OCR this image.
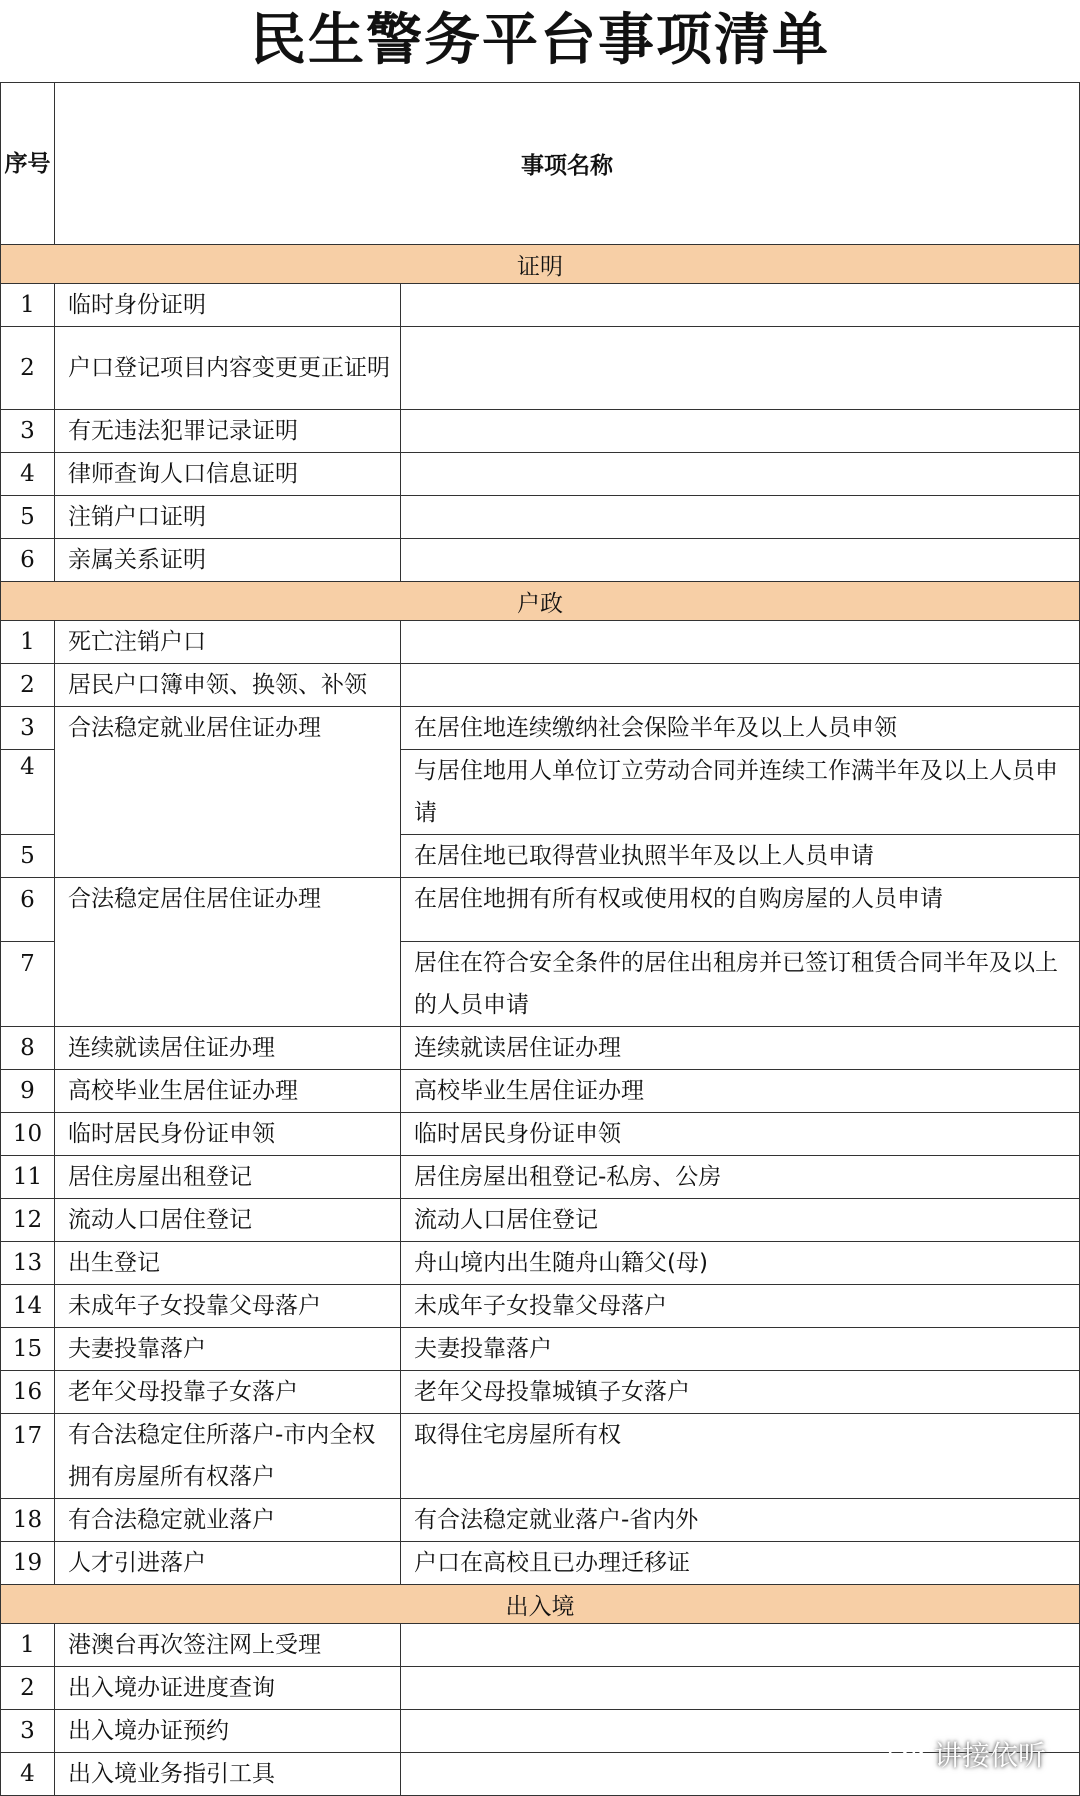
民生警务平台事项清单
序号	事项名称	
证明		
1	临时身份证明	
2	户口登记项目内容变更更正证明	
3	有无违法犯罪记录证明	
4	律师查询人口信息证明	
5	注销户口证明	
6	亲属关系证明	
户政		
1	死亡注销户口	
2	居民户口簿申领、换领、补领	
3	合法稳定就业居住证办理	在居住地连续缴纳社会保险半年及以上人员申领
4		与居住地用人单位订立劳动合同并连续工作满半年及以上人员申请
5		在居住地已取得营业执照半年及以上人员申请
6	合法稳定居住居住证办理	在居住地拥有所有权或使用权的自购房屋的人员申请
7		居住在符合安全条件的居住出租房并已签订租赁合同半年及以上的人员申请
8	连续就读居住证办理	连续就读居住证办理
9	高校毕业生居住证办理	高校毕业生居住证办理
10	临时居民身份证申领	临时居民身份证申领
11	居住房屋出租登记	居住房屋出租登记-私房、公房
12	流动人口居住登记	流动人口居住登记
13	出生登记	舟山境内出生随舟山籍父(母)
14	未成年子女投靠父母落户	未成年子女投靠父母落户
15	夫妻投靠落户	夫妻投靠落户
16	老年父母投靠子女落户	老年父母投靠城镇子女落户
17	有合法稳定住所落户-市内全权拥有房屋所有权落户	取得住宅房屋所有权
18	有合法稳定就业落户	有合法稳定就业落户-省内外
19	人才引进落户	户口在高校且已办理迁移证
出入境		
1	港澳台再次签注网上受理	
2	出入境办证进度查询	
3	出入境办证预约	
4	出入境业务指引工具	
讲接依听
